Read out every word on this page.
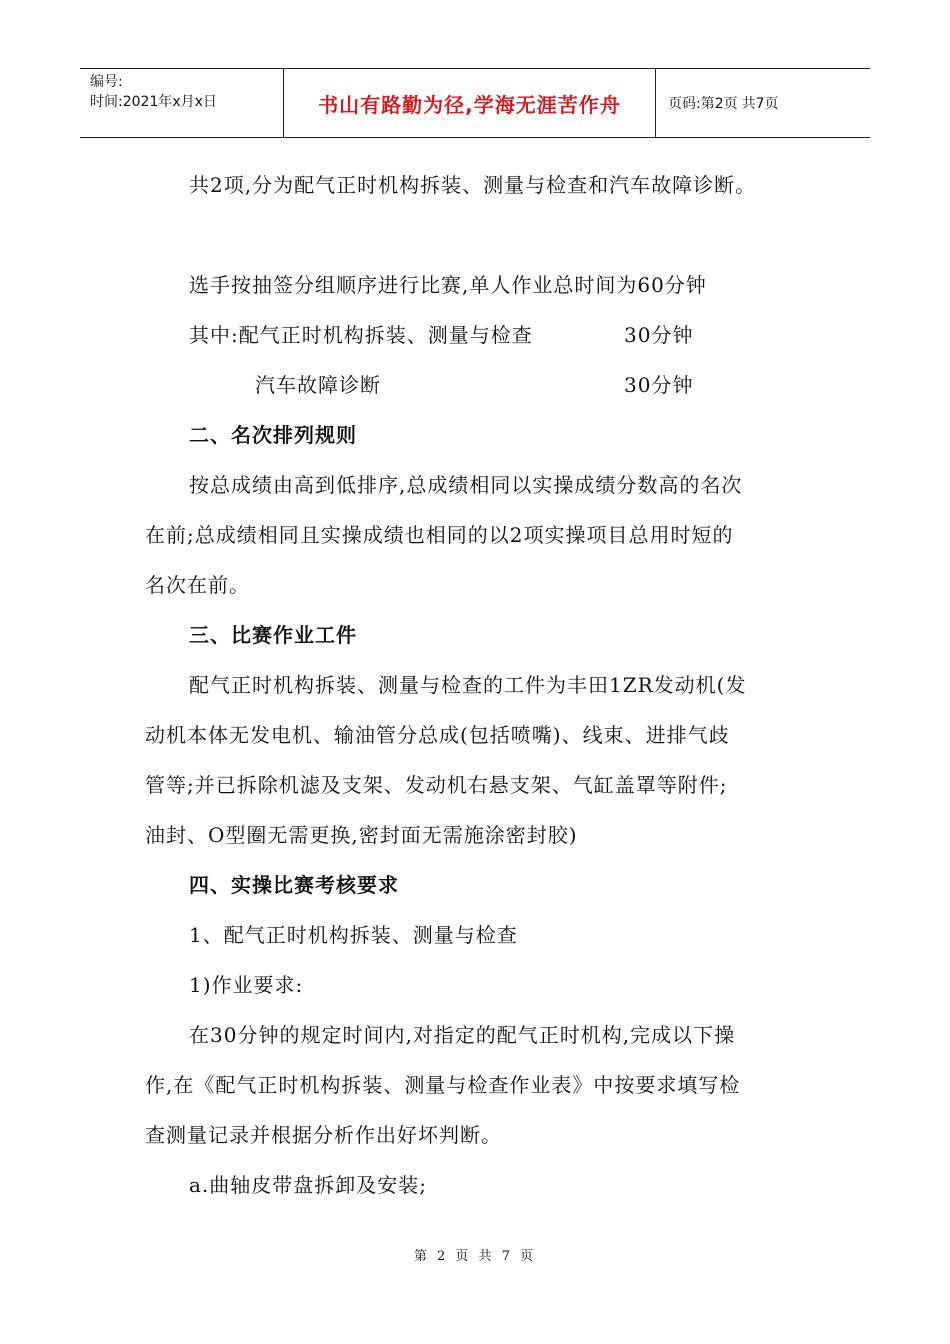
编号:
时间:2021年x月x日	书山有路勤为径,学海无涯苦作舟	页码:第2页 共7页

共2项,分为配气正时机构拆装、测量与检查和汽车故障诊断。

选手按抽签分组顺序进行比赛,单人作业总时间为60分钟

其中:配气正时机构拆装、测量与检查	30分钟
汽车故障诊断	30分钟

二、名次排列规则

按总成绩由高到低排序,总成绩相同以实操成绩分数高的名次

在前;总成绩相同且实操成绩也相同的以2项实操项目总用时短的

名次在前。

三、比赛作业工件

配气正时机构拆装、测量与检查的工件为丰田1ZR发动机(发

动机本体无发电机、输油管分总成(包括喷嘴)、线束、进排气歧

管等;并已拆除机滤及支架、发动机右悬支架、气缸盖罩等附件;

油封、O型圈无需更换,密封面无需施涂密封胶)

四、实操比赛考核要求

1、配气正时机构拆装、测量与检查

1)作业要求:

在30分钟的规定时间内,对指定的配气正时机构,完成以下操

作,在《配气正时机构拆装、测量与检查作业表》中按要求填写检

查测量记录并根据分析作出好坏判断。

a.曲轴皮带盘拆卸及安装;

第 2 页 共 7 页
